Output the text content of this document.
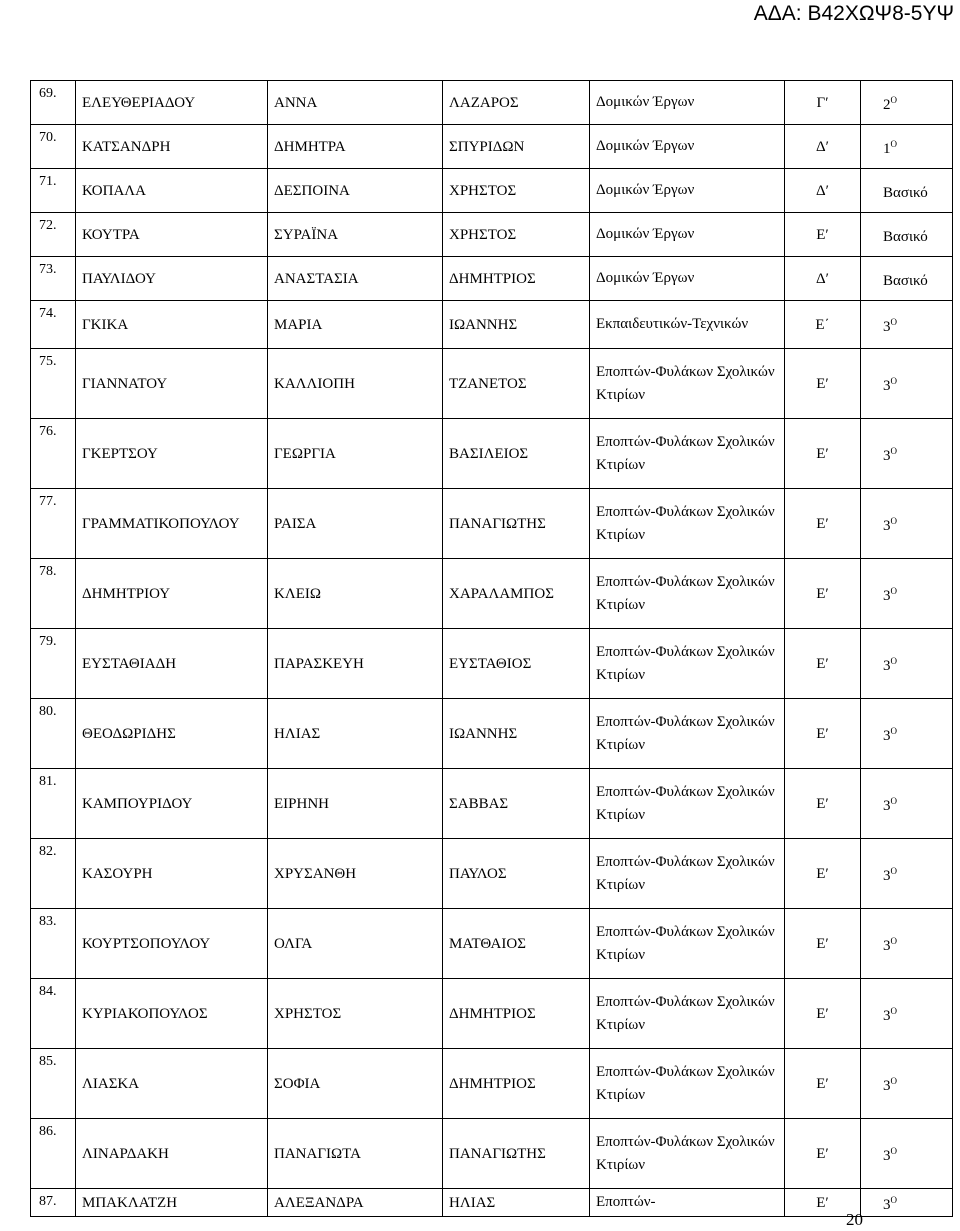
ΑΔΑ: Β42ΧΩΨ8-5ΥΨ
69.	ΕΛΕΥΘΕΡΙΑΔΟΥ	ΑΝΝΑ	ΛΑΖΑΡΟΣ	Δομικών Έργων	Γ′	$2^O$
70.	ΚΑΤΣΑΝΔΡΗ	ΔΗΜΗΤΡΑ	ΣΠΥΡΙΔΩΝ	Δομικών Έργων	Δ′	$1^O$
71.	ΚΟΠΑΛΑ	ΔΕΣΠΟΙΝΑ	ΧΡΗΣΤΟΣ	Δομικών Έργων	Δ′	Βασικό
72.	ΚΟΥΤΡΑ	ΣΥΡΑΪΝΑ	ΧΡΗΣΤΟΣ	Δομικών Έργων	Ε′	Βασικό
73.	ΠΑΥΛΙΔΟΥ	ΑΝΑΣΤΑΣΙΑ	ΔΗΜΗΤΡΙΟΣ	Δομικών Έργων	Δ′	Βασικό
74.	ΓΚΙΚΑ	ΜΑΡΙΑ	ΙΩΑΝΝΗΣ	Εκπαιδευτικών-Τεχνικών	Ε΄	$3^O$
75.	ΓΙΑΝΝΑΤΟΥ	ΚΑΛΛΙΟΠΗ	ΤΖΑΝΕΤΟΣ	Εποπτών-Φυλάκων Σχολικών Κτιρίων	Ε′	$3^O$
76.	ΓΚΕΡΤΣΟΥ	ΓΕΩΡΓΙΑ	ΒΑΣΙΛΕΙΟΣ	Εποπτών-Φυλάκων Σχολικών Κτιρίων	Ε′	$3^O$
77.	ΓΡΑΜΜΑΤΙΚΟΠΟΥΛΟΥ	ΡΑΙΣΑ	ΠΑΝΑΓΙΩΤΗΣ	Εποπτών-Φυλάκων Σχολικών Κτιρίων	Ε′	$3^O$
78.	ΔΗΜΗΤΡΙΟΥ	ΚΛΕΙΩ	ΧΑΡΑΛΑΜΠΟΣ	Εποπτών-Φυλάκων Σχολικών Κτιρίων	Ε′	$3^O$
79.	ΕΥΣΤΑΘΙΑΔΗ	ΠΑΡΑΣΚΕΥΗ	ΕΥΣΤΑΘΙΟΣ	Εποπτών-Φυλάκων Σχολικών Κτιρίων	Ε′	$3^O$
80.	ΘΕΟΔΩΡΙΔΗΣ	ΗΛΙΑΣ	ΙΩΑΝΝΗΣ	Εποπτών-Φυλάκων Σχολικών Κτιρίων	Ε′	$3^O$
81.	ΚΑΜΠΟΥΡΙΔΟΥ	ΕΙΡΗΝΗ	ΣΑΒΒΑΣ	Εποπτών-Φυλάκων Σχολικών Κτιρίων	Ε′	$3^O$
82.	ΚΑΣΟΥΡΗ	ΧΡΥΣΑΝΘΗ	ΠΑΥΛΟΣ	Εποπτών-Φυλάκων Σχολικών Κτιρίων	Ε′	$3^O$
83.	ΚΟΥΡΤΣΟΠΟΥΛΟΥ	ΟΛΓΑ	ΜΑΤΘΑΙΟΣ	Εποπτών-Φυλάκων Σχολικών Κτιρίων	Ε′	$3^O$
84.	ΚΥΡΙΑΚΟΠΟΥΛΟΣ	ΧΡΗΣΤΟΣ	ΔΗΜΗΤΡΙΟΣ	Εποπτών-Φυλάκων Σχολικών Κτιρίων	Ε′	$3^O$
85.	ΛΙΑΣΚΑ	ΣΟΦΙΑ	ΔΗΜΗΤΡΙΟΣ	Εποπτών-Φυλάκων Σχολικών Κτιρίων	Ε′	$3^O$
86.	ΛΙΝΑΡΔΑΚΗ	ΠΑΝΑΓΙΩΤΑ	ΠΑΝΑΓΙΩΤΗΣ	Εποπτών-Φυλάκων Σχολικών Κτιρίων	Ε′	$3^O$
87.	ΜΠΑΚΛΑΤΖΗ	ΑΛΕΞΑΝΔΡΑ	ΗΛΙΑΣ	Εποπτών-	Ε′	$3^O$
20
